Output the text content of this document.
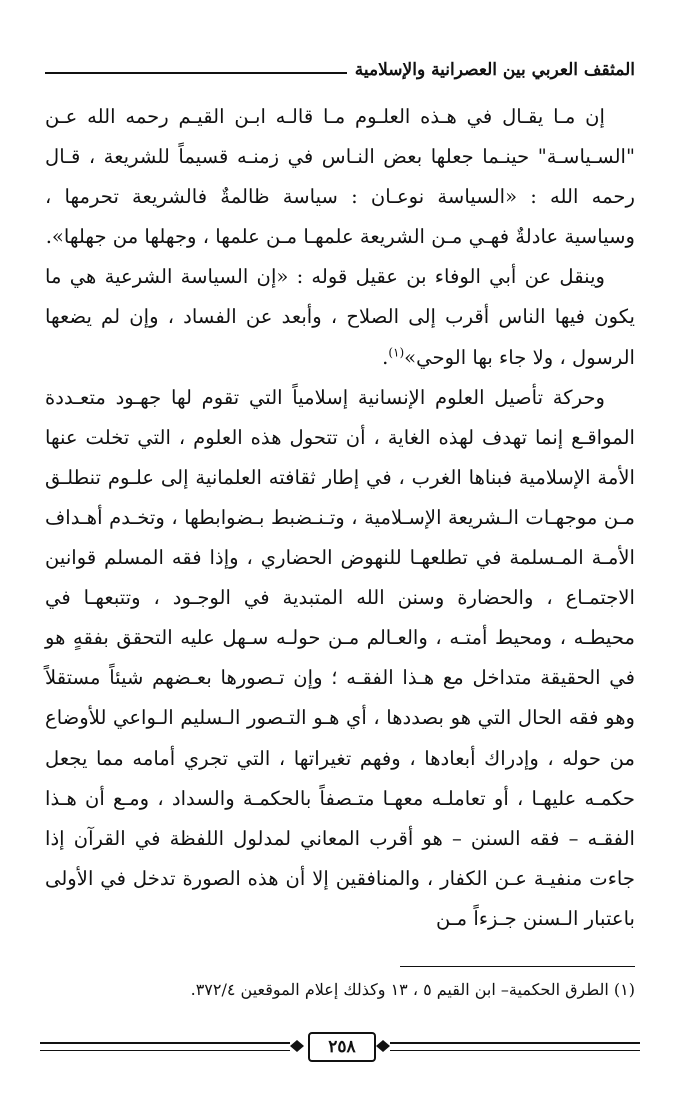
المثقف العربي بين العصرانية والإسلامية

إن مـا يقـال في هـذه العلـوم مـا قالـه ابـن القيـم رحمه الله عـن "السـياسـة" حينـما جعلها بعض النـاس في زمنـه قسيماً للشريعة ، قـال رحمه الله : «السياسة نوعـان : سياسة ظالمةٌ فالشريعة تحرمها ، وسياسية عادلةٌ فهـي مـن الشريعة علمهـا مـن علمها ، وجهلها من جهلها».

وينقل عن أبي الوفاء بن عقيل قوله : «إن السياسة الشرعية هي ما يكون فيها الناس أقرب إلى الصلاح ، وأبعد عن الفساد ، وإن لم يضعها الرسول ، ولا جاء بها الوحي»$^{(١)}$.

وحركة تأصيل العلوم الإنسانية إسلامياً التي تقوم لها جهـود متعـددة المواقـع إنما تهدف لهذه الغاية ، أن تتحول هذه العلوم ، التي تخلت عنها الأمة الإسلامية فبناها الغرب ، في إطار ثقافته العلمانية إلى علـوم تنطلـق مـن موجهـات الـشريعة الإسـلامية ، وتـنـضبط بـضوابطها ، وتخـدم أهـداف الأمـة المـسلمة في تطلعهـا للنهوض الحضاري ، وإذا فقه المسلم قوانين الاجتمـاع ، والحضارة وسنن الله المتبدية في الوجـود ، وتتبعهـا في محيطـه ، ومحيط أمتـه ، والعـالم مـن حولـه سـهل عليه التحقق بفقهٍ هو في الحقيقة متداخل مع هـذا الفقـه ؛ وإن تـصورها بعـضهم شيئاً مستقلاً وهو فقه الحال التي هو بصددها ، أي هـو التـصور الـسليم الـواعي للأوضاع من حوله ، وإدراك أبعادها ، وفهم تغيراتها ، التي تجري أمامه مما يجعل حكمـه عليهـا ، أو تعاملـه معهـا متـصفاً بالحكمـة والسداد ، ومـع أن هـذا الفقـه – فقه السنن – هو أقرب المعاني لمدلول اللفظة في القرآن إذا جاءت منفيـة عـن الكفار ، والمنافقين إلا أن هذه الصورة تدخل في الأولى باعتبار الـسنن جـزءاً مـن

(١) الطرق الحكمية– ابن القيم ٥ ، ١٣ وكذلك إعلام الموقعين ٣٧٢/٤.
٢٥٨
